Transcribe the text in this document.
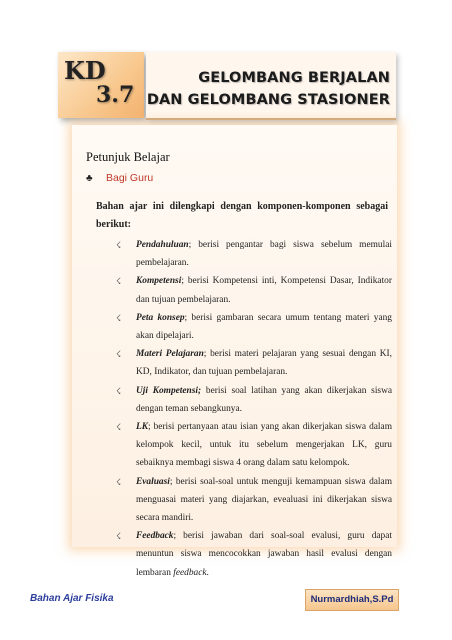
KD
3.7
GELOMBANG BERJALAN
DAN GELOMBANG STASIONER
Petunjuk Belajar
♣ Bagi Guru
Bahan ajar ini dilengkapi dengan komponen-komponen sebagai berikut:
☇ Pendahuluan; berisi pengantar bagi siswa sebelum memulai pembelajaran.
☇ Kompetensi; berisi Kompetensi inti, Kompetensi Dasar, Indikator dan tujuan pembelajaran.
☇ Peta konsep; berisi gambaran secara umum tentang materi yang akan dipelajari.
☇ Materi Pelajaran; berisi materi pelajaran yang sesuai dengan KI, KD, Indikator, dan tujuan pembelajaran.
☇ Uji Kompetensi; berisi soal latihan yang akan dikerjakan siswa dengan teman sebangkunya.
☇ LK; berisi pertanyaan atau isian yang akan dikerjakan siswa dalam kelompok kecil, untuk itu sebelum mengerjakan LK, guru sebaiknya membagi siswa 4 orang dalam satu kelompok.
☇ Evaluasi; berisi soal-soal untuk menguji kemampuan siswa dalam menguasai materi yang diajarkan, evealuasi ini dikerjakan siswa secara mandiri.
☇ Feedback; berisi jawaban dari soal-soal evalusi, guru dapat menuntun siswa mencocokkan jawaban hasil evalusi dengan lembaran feedback.
Bahan Ajar Fisika	Nurmardhiah,S.Pd
